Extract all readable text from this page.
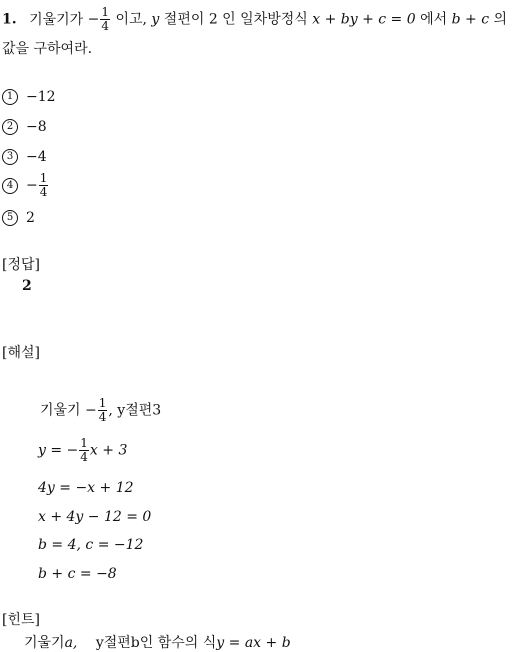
1. 기울기가 − $\frac{1}{4}$ 이고, y 절편이 2 인 일차방정식 x + by + c = 0 에서 b + c 의
값을 구하여라.
1 −12
2 −8
3 −4
$4 - \frac{1}{4}$
5 2
[정답]
2
[해설]
기울기 − $\frac{1}{4}$ , y절편3
y = − $\frac{1}{4}$ x + 3
4y = −x + 12
x + 4y − 12 = 0
b = 4, c = −12
b + c = −8
[힌트]
기울기a, y절편b인 함수의 식y = ax + b
